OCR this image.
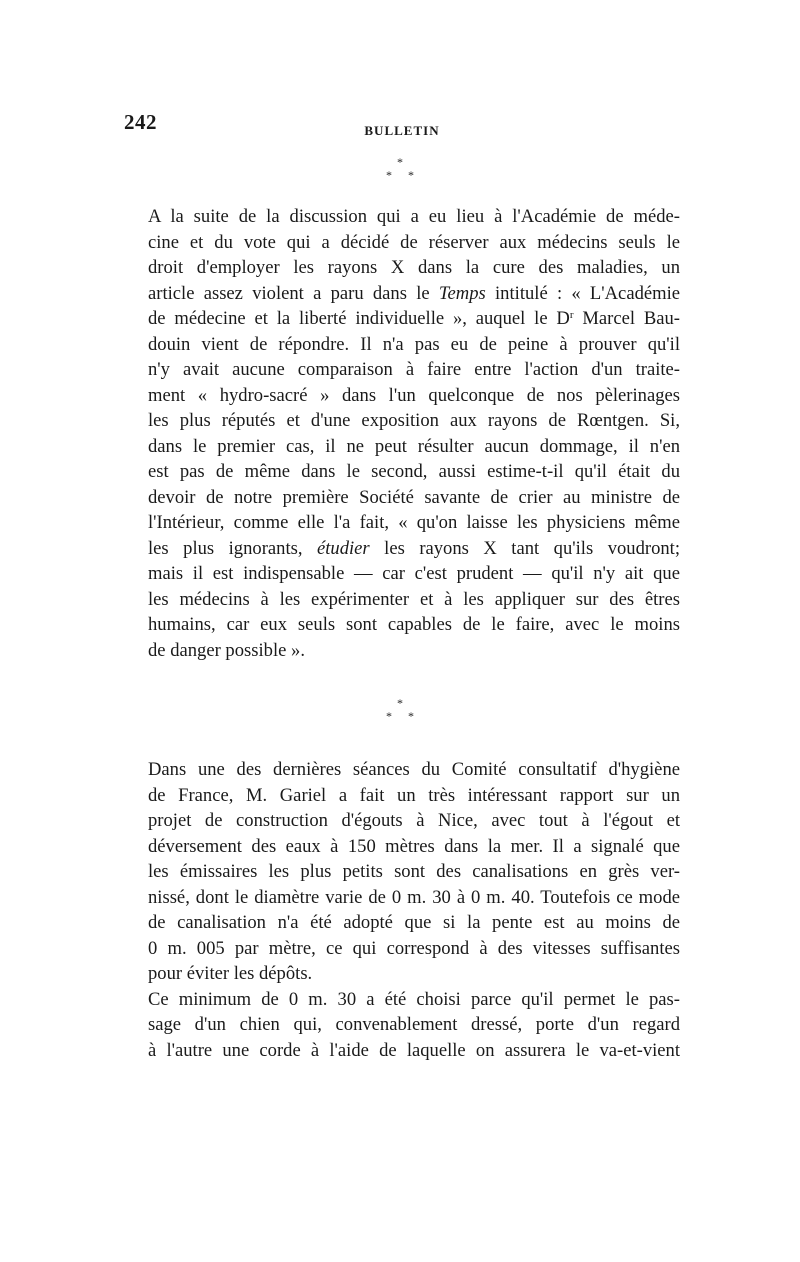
242	BULLETIN
*
* *

A la suite de la discussion qui a eu lieu à l'Académie de méde-
cine et du vote qui a décidé de réserver aux médecins seuls le
droit d'employer les rayons X dans la cure des maladies, un
article assez violent a paru dans le Temps intitulé : « L'Académie
de médecine et la liberté individuelle », auquel le $D^r$ Marcel Bau-
douin vient de répondre. Il n'a pas eu de peine à prouver qu'il
n'y avait aucune comparaison à faire entre l'action d'un traite-
ment « hydro-sacré » dans l'un quelconque de nos pèlerinages
les plus réputés et d'une exposition aux rayons de Rœntgen. Si,
dans le premier cas, il ne peut résulter aucun dommage, il n'en
est pas de même dans le second, aussi estime-t-il qu'il était du
devoir de notre première Société savante de crier au ministre de
l'Intérieur, comme elle l'a fait, « qu'on laisse les physiciens même
les plus ignorants, étudier les rayons X tant qu'ils voudront;
mais il est indispensable — car c'est prudent — qu'il n'y ait que
les médecins à les expérimenter et à les appliquer sur des êtres
humains, car eux seuls sont capables de le faire, avec le moins
de danger possible ».

*
* *

Dans une des dernières séances du Comité consultatif d'hygiène
de France, M. Gariel a fait un très intéressant rapport sur un
projet de construction d'égouts à Nice, avec tout à l'égout et
déversement des eaux à 150 mètres dans la mer. Il a signalé que
les émissaires les plus petits sont des canalisations en grès ver-
nissé, dont le diamètre varie de 0 m. 30 à 0 m. 40. Toutefois ce mode
de canalisation n'a été adopté que si la pente est au moins de
0 m. 005 par mètre, ce qui correspond à des vitesses suffisantes
pour éviter les dépôts.

Ce minimum de 0 m. 30 a été choisi parce qu'il permet le pas-
sage d'un chien qui, convenablement dressé, porte d'un regard
à l'autre une corde à l'aide de laquelle on assurera le va-et-vient
